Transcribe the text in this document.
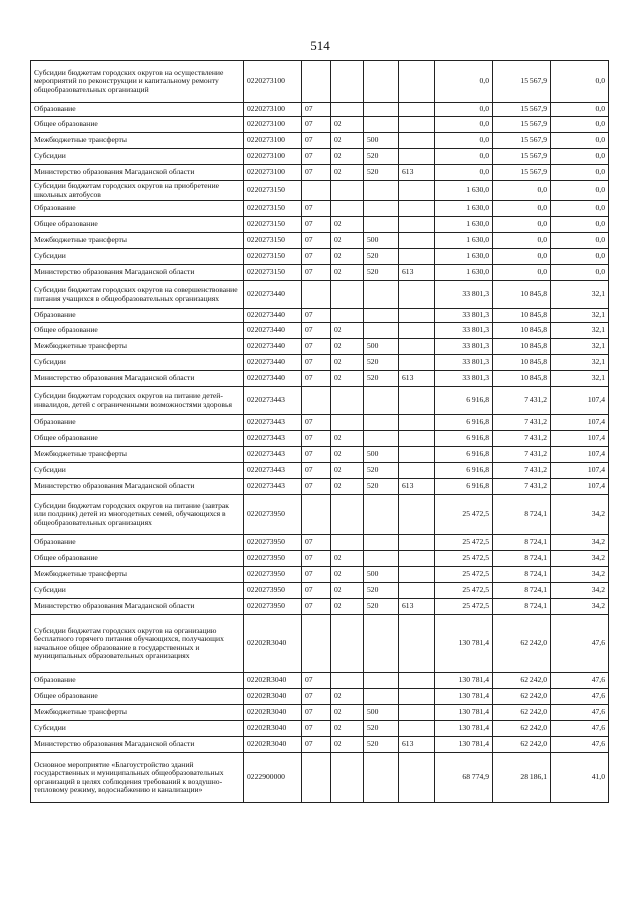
514
Субсидии бюджетам городских округов на осуществление мероприятий по реконструкции и капитальному ремонту общеобразовательных организаций	0220273100					0,0	15 567,9	0,0
Образование	0220273100	07				0,0	15 567,9	0,0
Общее образование	0220273100	07	02			0,0	15 567,9	0,0
Межбюджетные трансферты	0220273100	07	02	500		0,0	15 567,9	0,0
Субсидии	0220273100	07	02	520		0,0	15 567,9	0,0
Министерство образования Магаданской области	0220273100	07	02	520	613	0,0	15 567,9	0,0
Субсидии бюджетам городских округов на приобретение школьных автобусов	0220273150					1 630,0	0,0	0,0
Образование	0220273150	07				1 630,0	0,0	0,0
Общее образование	0220273150	07	02			1 630,0	0,0	0,0
Межбюджетные трансферты	0220273150	07	02	500		1 630,0	0,0	0,0
Субсидии	0220273150	07	02	520		1 630,0	0,0	0,0
Министерство образования Магаданской области	0220273150	07	02	520	613	1 630,0	0,0	0,0
Субсидии бюджетам городских округов на совершенствование питания учащихся в общеобразовательных организациях	0220273440					33 801,3	10 845,8	32,1
Образование	0220273440	07				33 801,3	10 845,8	32,1
Общее образование	0220273440	07	02			33 801,3	10 845,8	32,1
Межбюджетные трансферты	0220273440	07	02	500		33 801,3	10 845,8	32,1
Субсидии	0220273440	07	02	520		33 801,3	10 845,8	32,1
Министерство образования Магаданской области	0220273440	07	02	520	613	33 801,3	10 845,8	32,1
Субсидии бюджетам городских округов на питание детей-инвалидов, детей с ограниченными возможностями здоровья	0220273443					6 916,8	7 431,2	107,4
Образование	0220273443	07				6 916,8	7 431,2	107,4
Общее образование	0220273443	07	02			6 916,8	7 431,2	107,4
Межбюджетные трансферты	0220273443	07	02	500		6 916,8	7 431,2	107,4
Субсидии	0220273443	07	02	520		6 916,8	7 431,2	107,4
Министерство образования Магаданской области	0220273443	07	02	520	613	6 916,8	7 431,2	107,4
Субсидии бюджетам городских округов на питание (завтрак или полдник) детей из многодетных семей, обучающихся в общеобразовательных организациях	0220273950					25 472,5	8 724,1	34,2
Образование	0220273950	07				25 472,5	8 724,1	34,2
Общее образование	0220273950	07	02			25 472,5	8 724,1	34,2
Межбюджетные трансферты	0220273950	07	02	500		25 472,5	8 724,1	34,2
Субсидии	0220273950	07	02	520		25 472,5	8 724,1	34,2
Министерство образования Магаданской области	0220273950	07	02	520	613	25 472,5	8 724,1	34,2
Субсидии бюджетам городских округов на организацию бесплатного горячего питания обучающихся, получающих начальное общее образование в государственных и муниципальных образовательных организациях	02202R3040					130 781,4	62 242,0	47,6
Образование	02202R3040	07				130 781,4	62 242,0	47,6
Общее образование	02202R3040	07	02			130 781,4	62 242,0	47,6
Межбюджетные трансферты	02202R3040	07	02	500		130 781,4	62 242,0	47,6
Субсидии	02202R3040	07	02	520		130 781,4	62 242,0	47,6
Министерство образования Магаданской области	02202R3040	07	02	520	613	130 781,4	62 242,0	47,6
Основное мероприятие «Благоустройство зданий государственных и муниципальных общеобразовательных организаций в целях соблюдения требований к воздушно-тепловому режиму, водоснабжению и канализации»	0222900000					68 774,9	28 186,1	41,0
